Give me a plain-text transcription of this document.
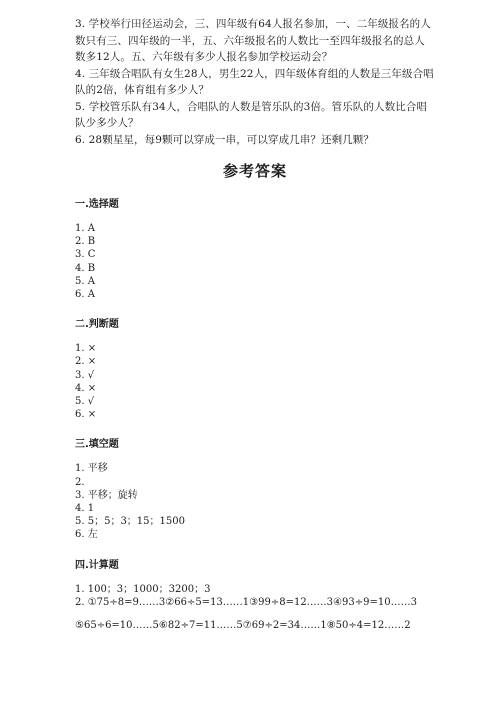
3. 学校举行田径运动会，三、四年级有64人报名参加，一、二年级报名的人数只有三、四年级的一半，五、六年级报名的人数比一至四年级报名的总人数多12人。五、六年级有多少人报名参加学校运动会？

4. 三年级合唱队有女生28人，男生22人，四年级体育组的人数是三年级合唱队的2倍，体育组有多少人？

5. 学校管乐队有34人，合唱队的人数是管乐队的3倍。管乐队的人数比合唱队少多少人？

6. 28颗星星，每9颗可以穿成一串，可以穿成几串？还剩几颗？

参考答案
一.选择题

1. A

2. B

3. C

4. B

5. A

6. A

二.判断题

1. ×

2. ×

3. √

4. ×

5. √

6. ×

三.填空题

1. 平移

2.

3. 平移；旋转

4. 1

5. 5；5；3；15；1500

6. 左

四.计算题

1. 100；3；1000；3200；3

2. ①75÷8=9……3②66÷5=13……1③99÷8=12……3④93÷9=10……3

⑤65÷6=10……5⑥82÷7=11……5⑦69÷2=34……1⑧50÷4=12……2
